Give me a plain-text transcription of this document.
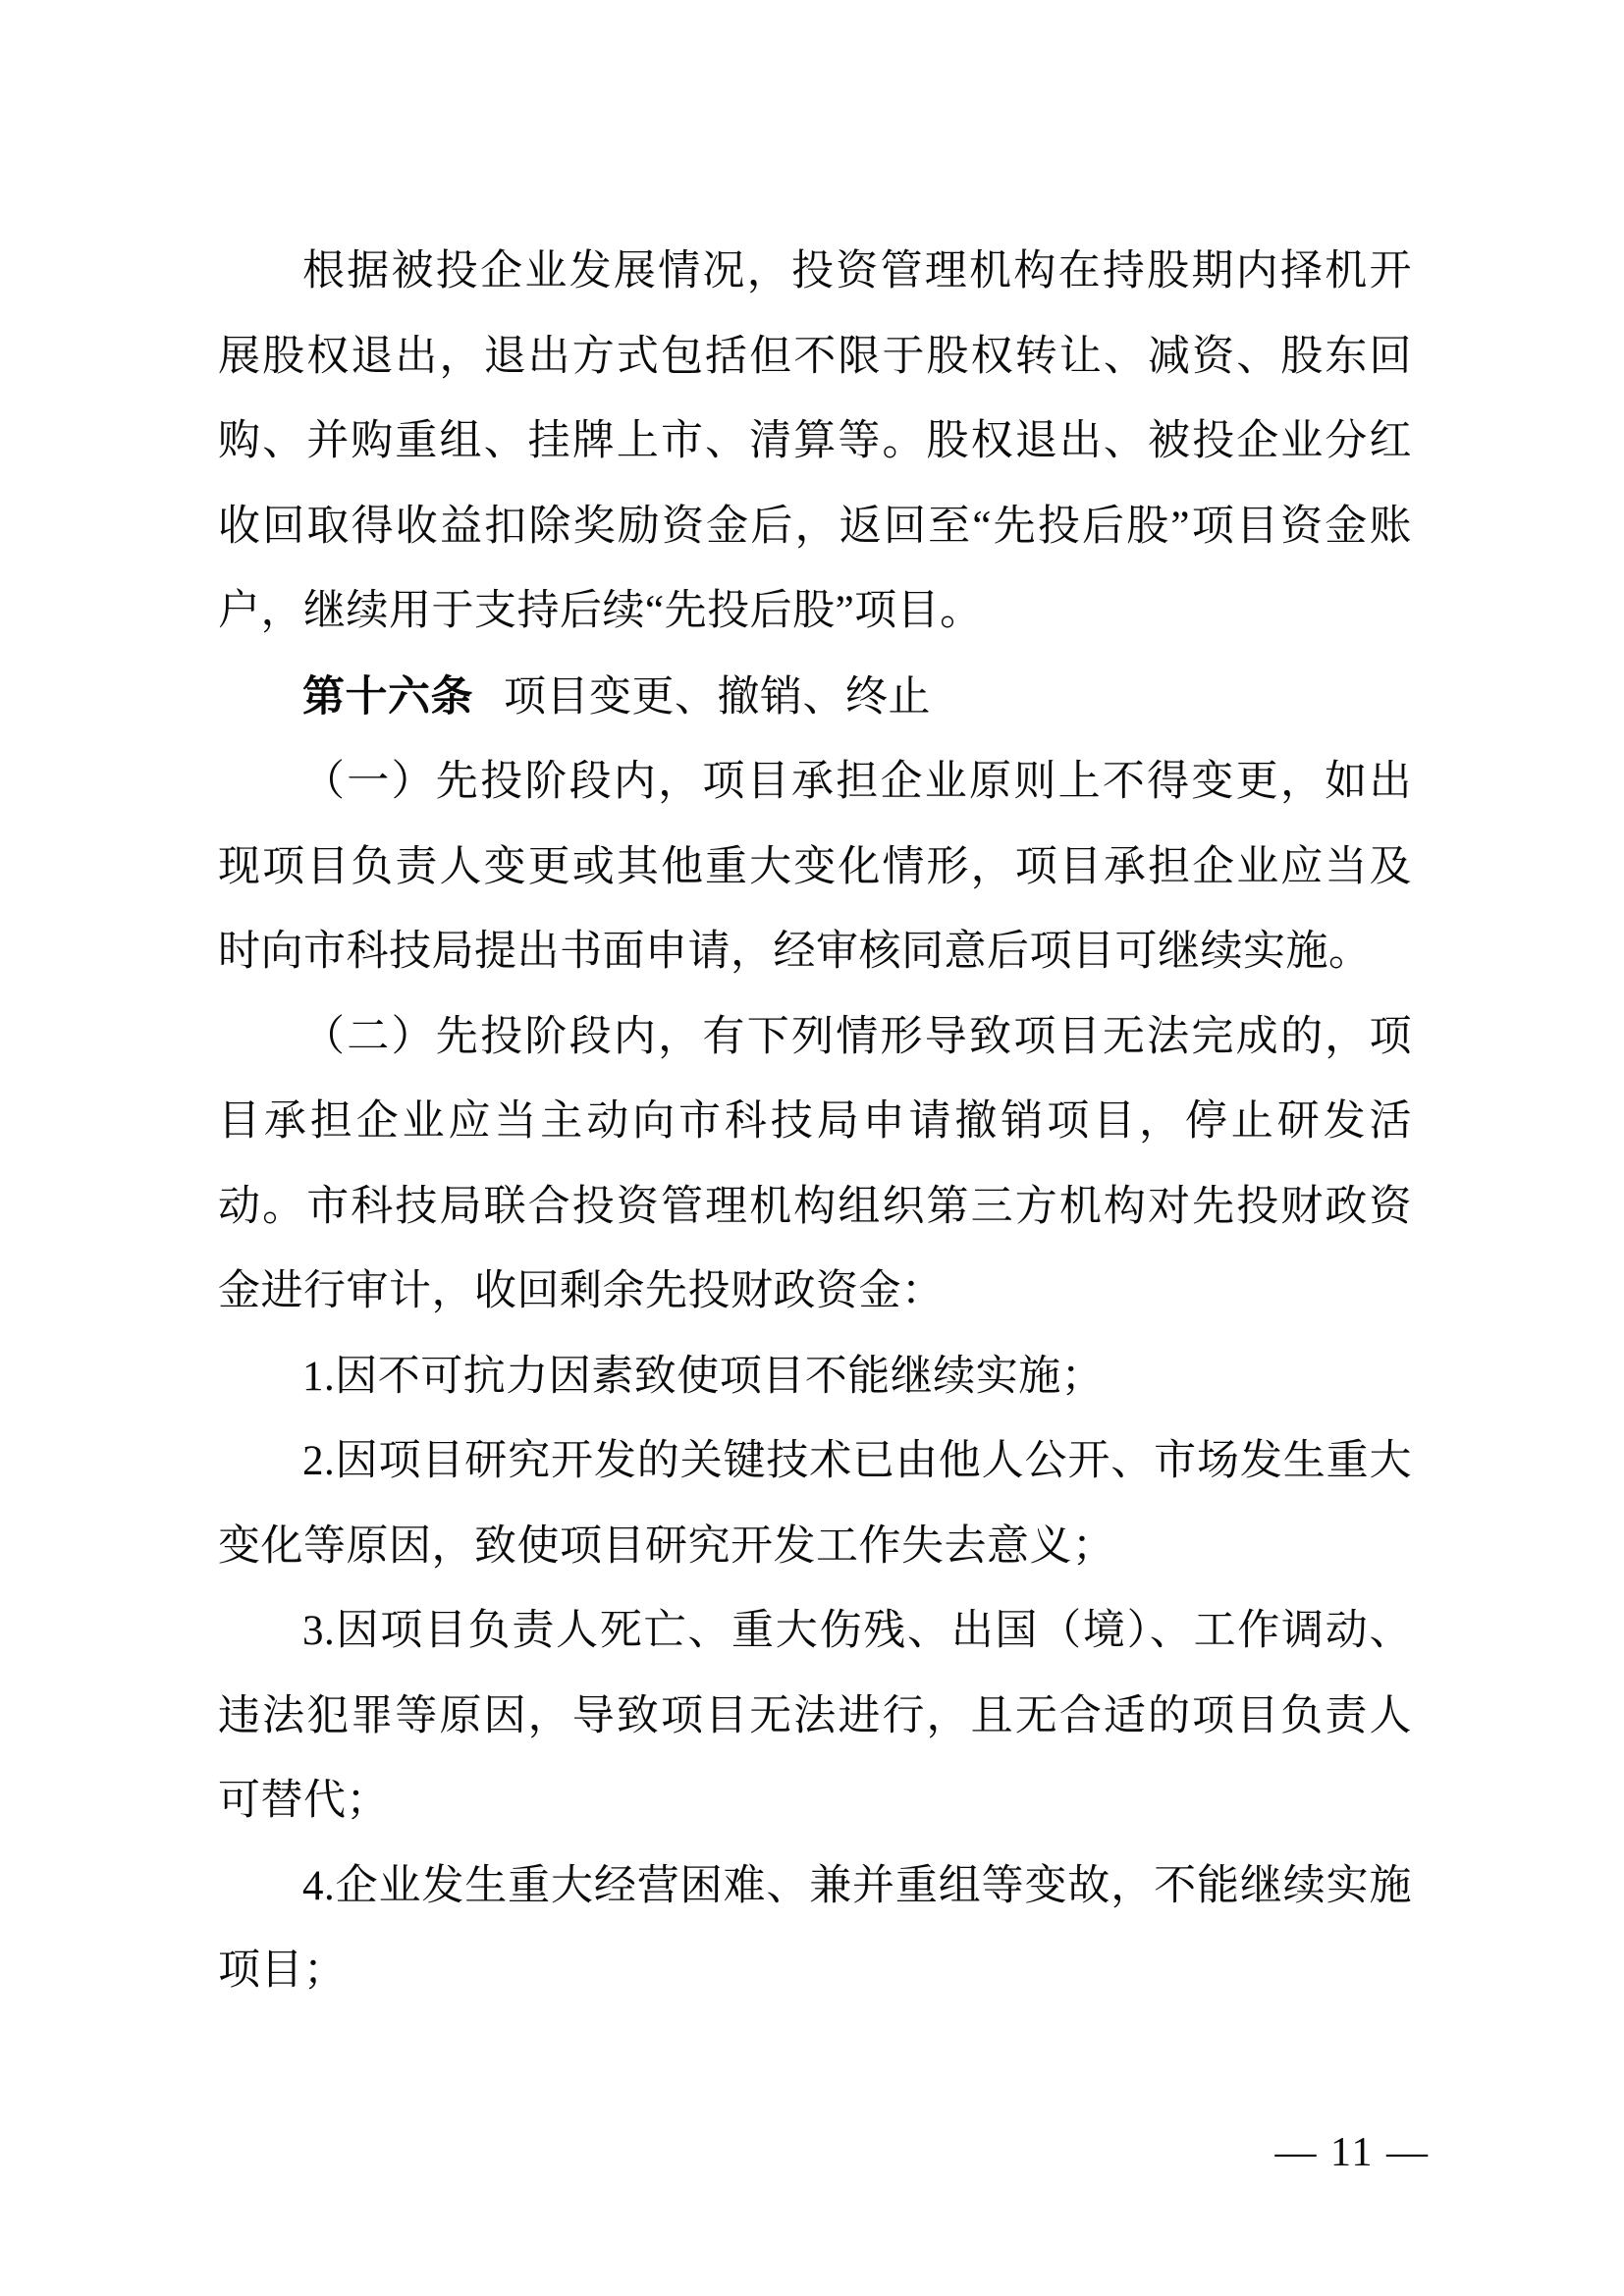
根据被投企业发展情况，投资管理机构在持股期内择机开展股权退出，退出方式包括但不限于股权转让、减资、股东回购、并购重组、挂牌上市、清算等。股权退出、被投企业分红收回取得收益扣除奖励资金后，返回至“先投后股”项目资金账户，继续用于支持后续“先投后股”项目。

第十六条 项目变更、撤销、终止

（一）先投阶段内，项目承担企业原则上不得变更，如出现项目负责人变更或其他重大变化情形，项目承担企业应当及时向市科技局提出书面申请，经审核同意后项目可继续实施。

（二）先投阶段内，有下列情形导致项目无法完成的，项目承担企业应当主动向市科技局申请撤销项目，停止研发活动。市科技局联合投资管理机构组织第三方机构对先投财政资金进行审计，收回剩余先投财政资金：

1.因不可抗力因素致使项目不能继续实施；

2.因项目研究开发的关键技术已由他人公开、市场发生重大变化等原因，致使项目研究开发工作失去意义；

3.因项目负责人死亡、重大伤残、出国（境）、工作调动、违法犯罪等原因，导致项目无法进行，且无合适的项目负责人可替代；

4.企业发生重大经营困难、兼并重组等变故，不能继续实施项目；

— 11 —
